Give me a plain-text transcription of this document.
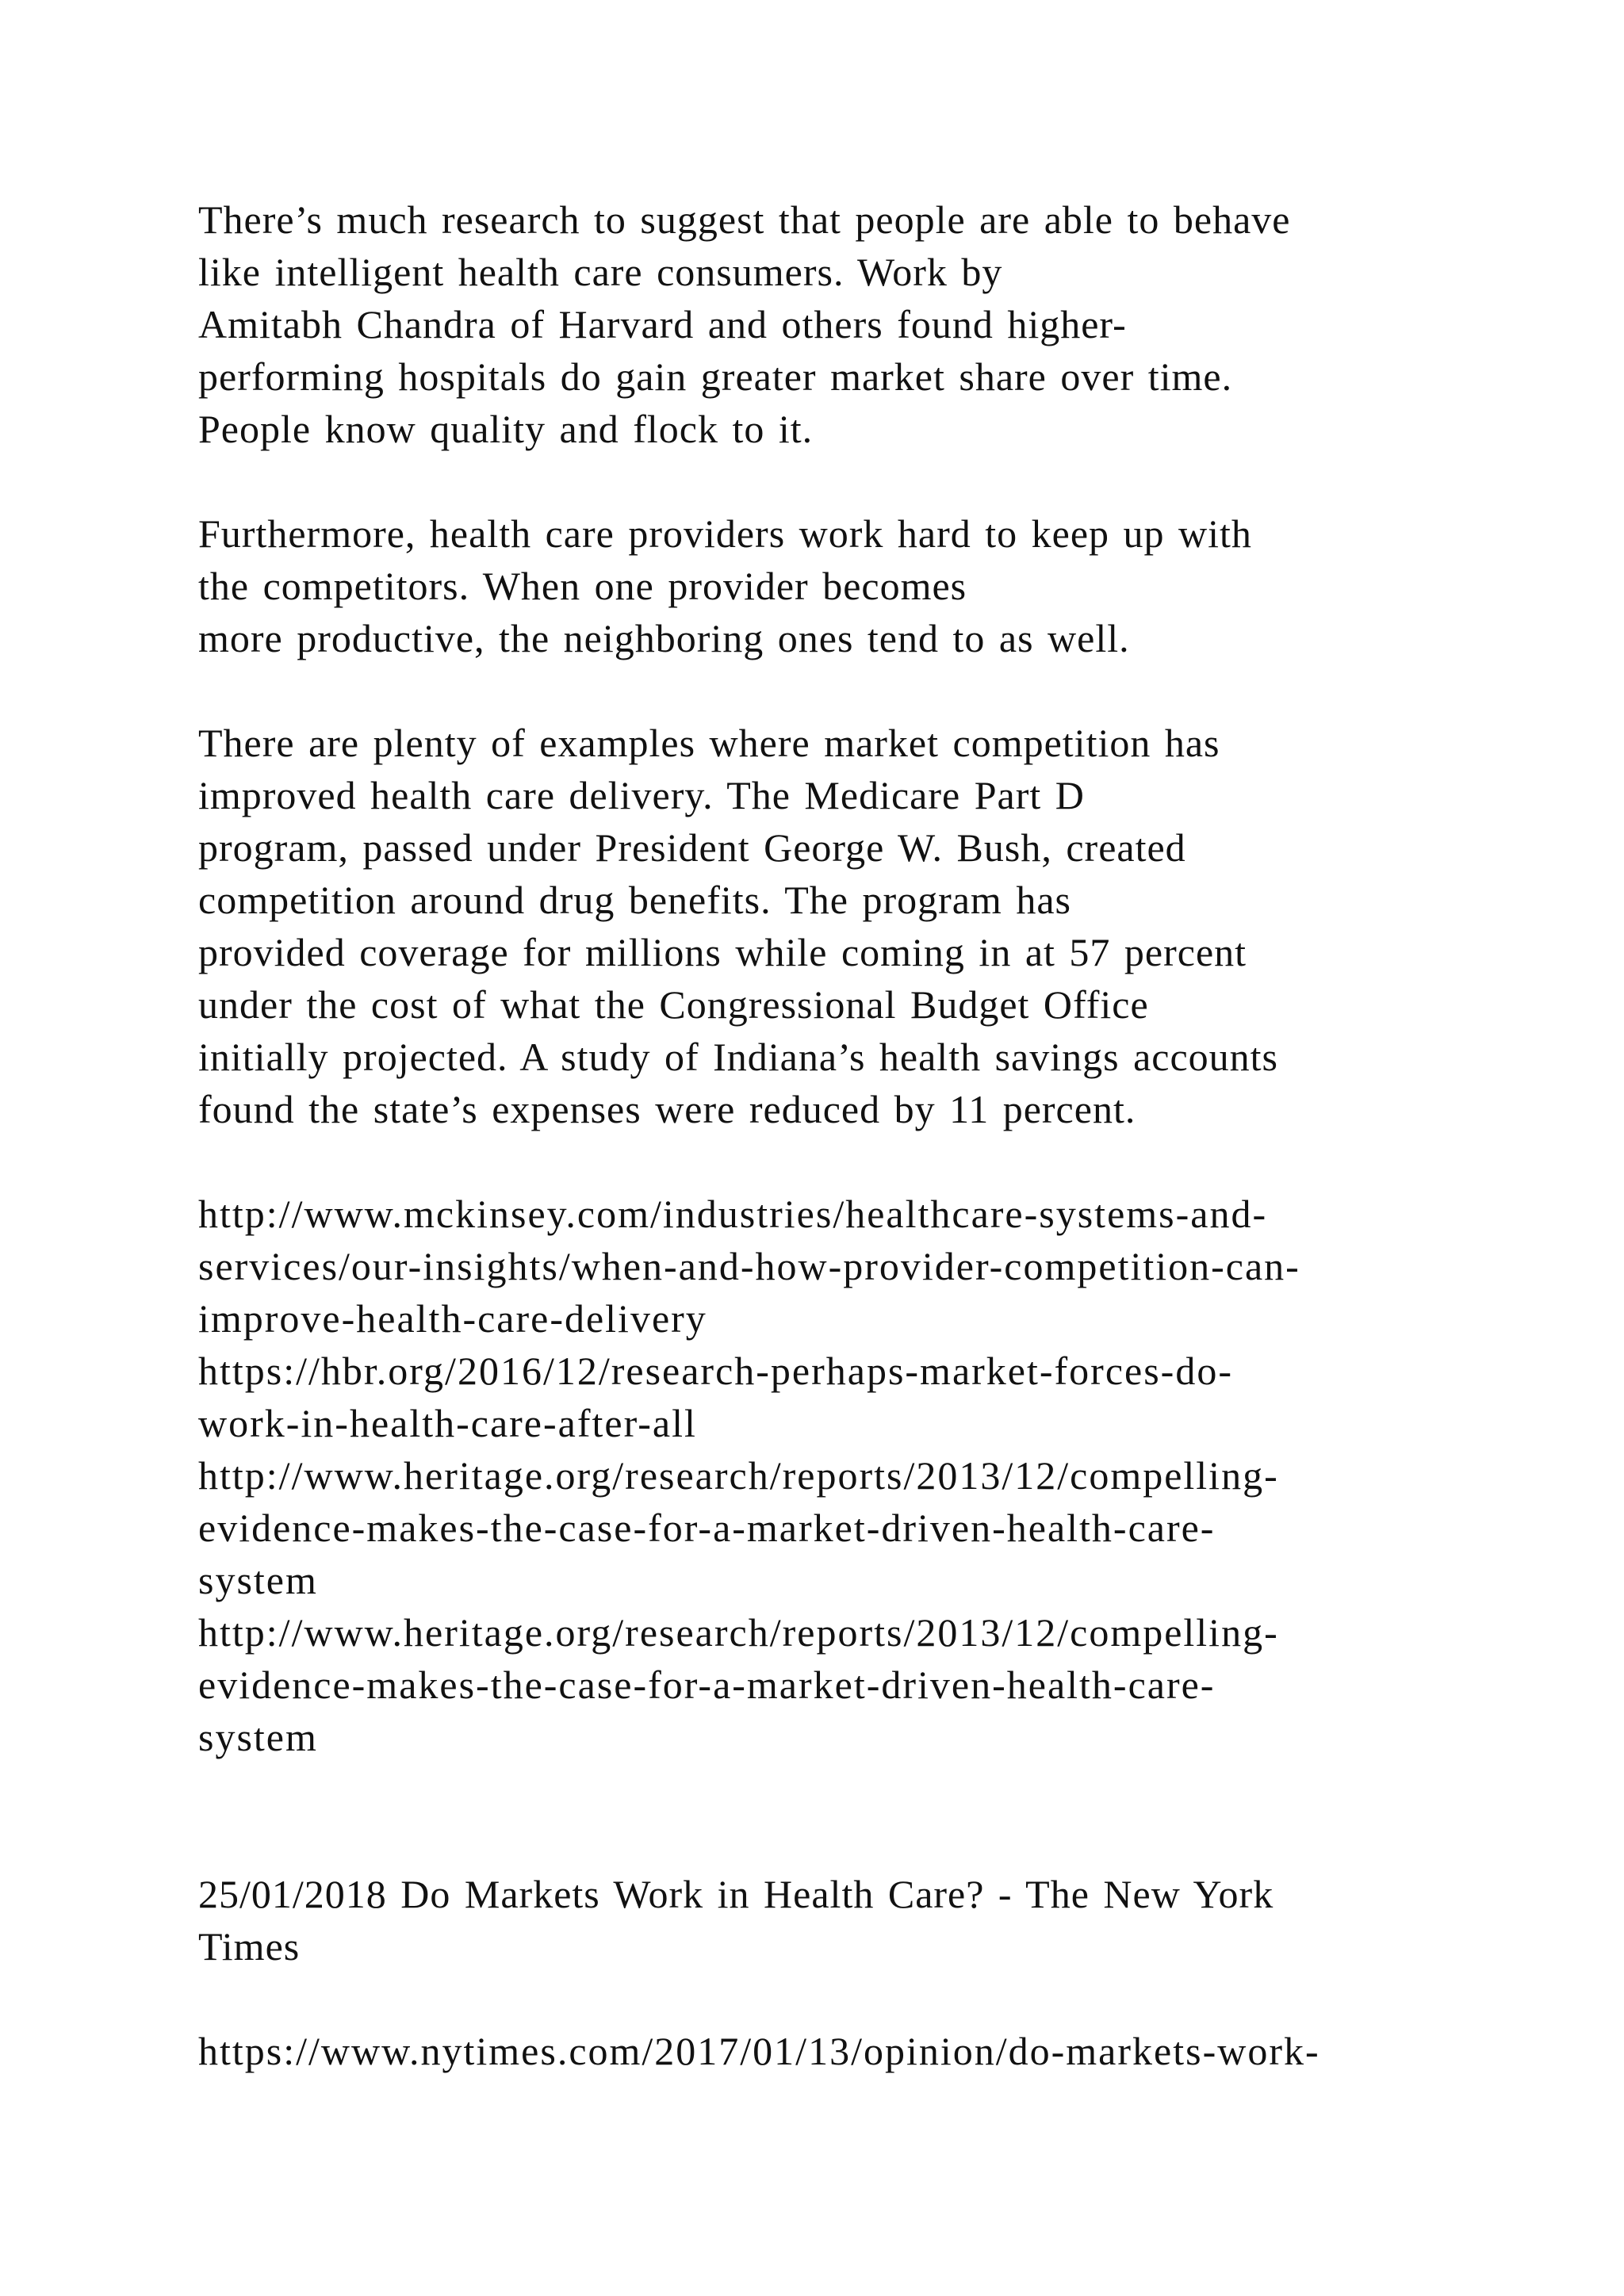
There’s much research to suggest that people are able to behave
like intelligent health care consumers. Work by
Amitabh Chandra of Harvard and others found higher-
performing hospitals do gain greater market share over time.
People know quality and flock to it.
Furthermore, health care providers work hard to keep up with
the competitors. When one provider becomes
more productive, the neighboring ones tend to as well.
There are plenty of examples where market competition has
improved health care delivery. The Medicare Part D
program, passed under President George W. Bush, created
competition around drug benefits. The program has
provided coverage for millions while coming in at 57 percent
under the cost of what the Congressional Budget Office
initially projected. A study of Indiana’s health savings accounts
found the state’s expenses were reduced by 11 percent.
http://www.mckinsey.com/industries/healthcare-systems-and-
services/our-insights/when-and-how-provider-competition-can-
improve-health-care-delivery
https://hbr.org/2016/12/research-perhaps-market-forces-do-
work-in-health-care-after-all
http://www.heritage.org/research/reports/2013/12/compelling-
evidence-makes-the-case-for-a-market-driven-health-care-
system
http://www.heritage.org/research/reports/2013/12/compelling-
evidence-makes-the-case-for-a-market-driven-health-care-
system
25/01/2018 Do Markets Work in Health Care? - The New York
Times
https://www.nytimes.com/2017/01/13/opinion/do-markets-work-
